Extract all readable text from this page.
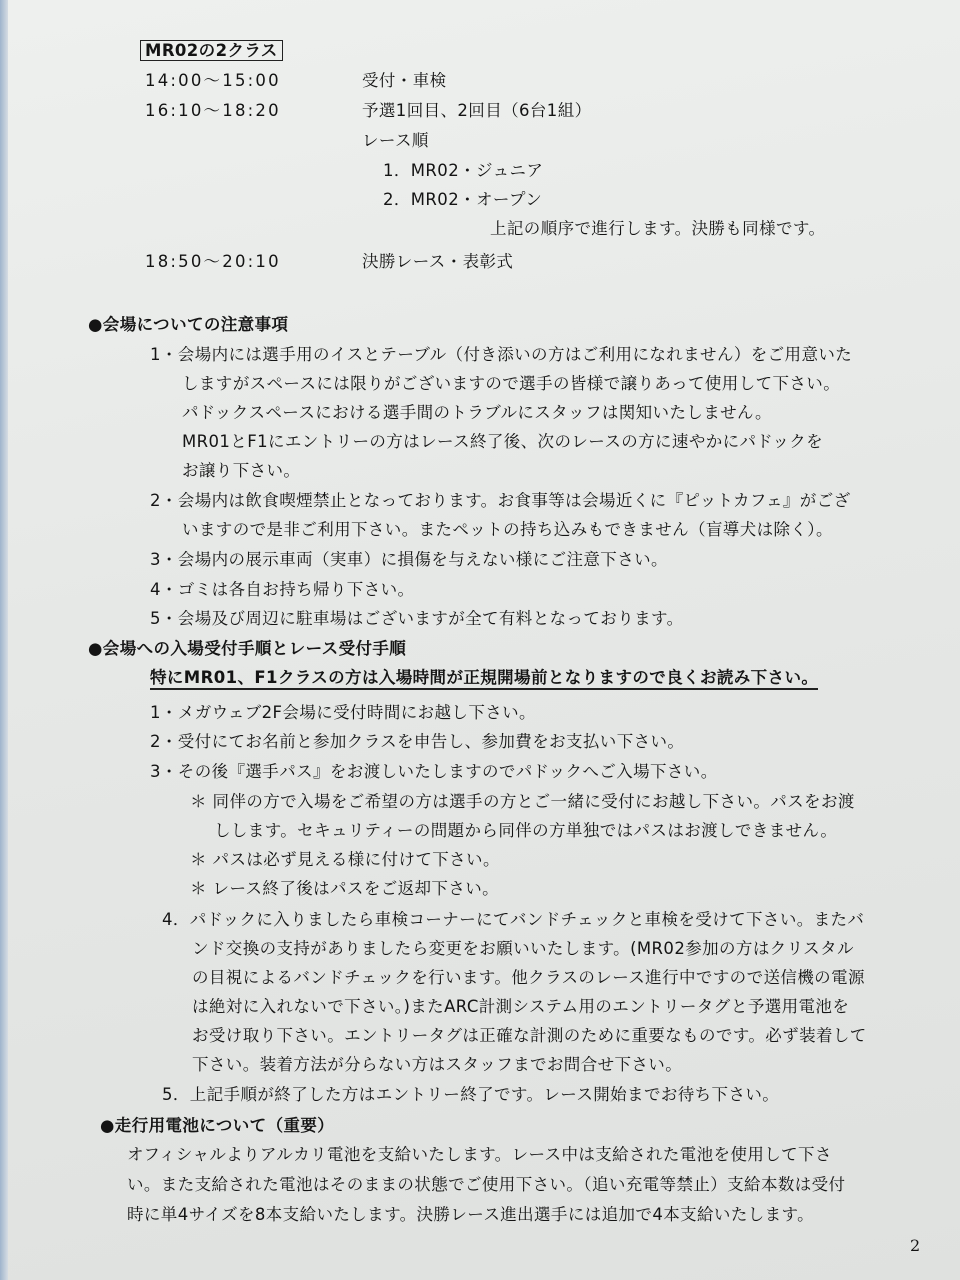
MR02の2クラス
14:00〜15:00	受付・車検
16:10〜18:20	予選1回目、2回目（6台1組）
レース順
1．MR02・ジュニア
2．MR02・オープン
上記の順序で進行します。決勝も同様です。
18:50〜20:10	決勝レース・表彰式
●会場についての注意事項
1・会場内には選手用のイスとテーブル（付き添いの方はご利用になれません）をご用意いた
しますがスペースには限りがございますので選手の皆様で譲りあって使用して下さい。
パドックスペースにおける選手間のトラブルにスタッフは関知いたしません。
MR01とF1にエントリーの方はレース終了後、次のレースの方に速やかにパドックを
お譲り下さい。
2・会場内は飲食喫煙禁止となっております。お食事等は会場近くに『ピットカフェ』がござ
いますので是非ご利用下さい。またペットの持ち込みもできません（盲導犬は除く）。
3・会場内の展示車両（実車）に損傷を与えない様にご注意下さい。
4・ゴミは各自お持ち帰り下さい。
5・会場及び周辺に駐車場はございますが全て有料となっております。
●会場への入場受付手順とレース受付手順
特にMR01、F1クラスの方は入場時間が正規開場前となりますので良くお読み下さい。
1・メガウェブ2F会場に受付時間にお越し下さい。
2・受付にてお名前と参加クラスを申告し、参加費をお支払い下さい。
3・その後『選手パス』をお渡しいたしますのでパドックへご入場下さい。
＊ 同伴の方で入場をご希望の方は選手の方とご一緒に受付にお越し下さい。パスをお渡
しします。セキュリティーの問題から同伴の方単独ではパスはお渡しできません。
＊ パスは必ず見える様に付けて下さい。
＊ レース終了後はパスをご返却下さい。
4．パドックに入りましたら車検コーナーにてバンドチェックと車検を受けて下さい。またバ
ンド交換の支持がありましたら変更をお願いいたします。(MR02参加の方はクリスタル
の目視によるバンドチェックを行います。他クラスのレース進行中ですので送信機の電源
は絶対に入れないで下さい。)またARC計測システム用のエントリータグと予選用電池を
お受け取り下さい。エントリータグは正確な計測のために重要なものです。必ず装着して
下さい。装着方法が分らない方はスタッフまでお問合せ下さい。
5．上記手順が終了した方はエントリー終了です。レース開始までお待ち下さい。
●走行用電池について（重要）
オフィシャルよりアルカリ電池を支給いたします。レース中は支給された電池を使用して下さ
い。また支給された電池はそのままの状態でご使用下さい。（追い充電等禁止）支給本数は受付
時に単4サイズを8本支給いたします。決勝レース進出選手には追加で4本支給いたします。
2
